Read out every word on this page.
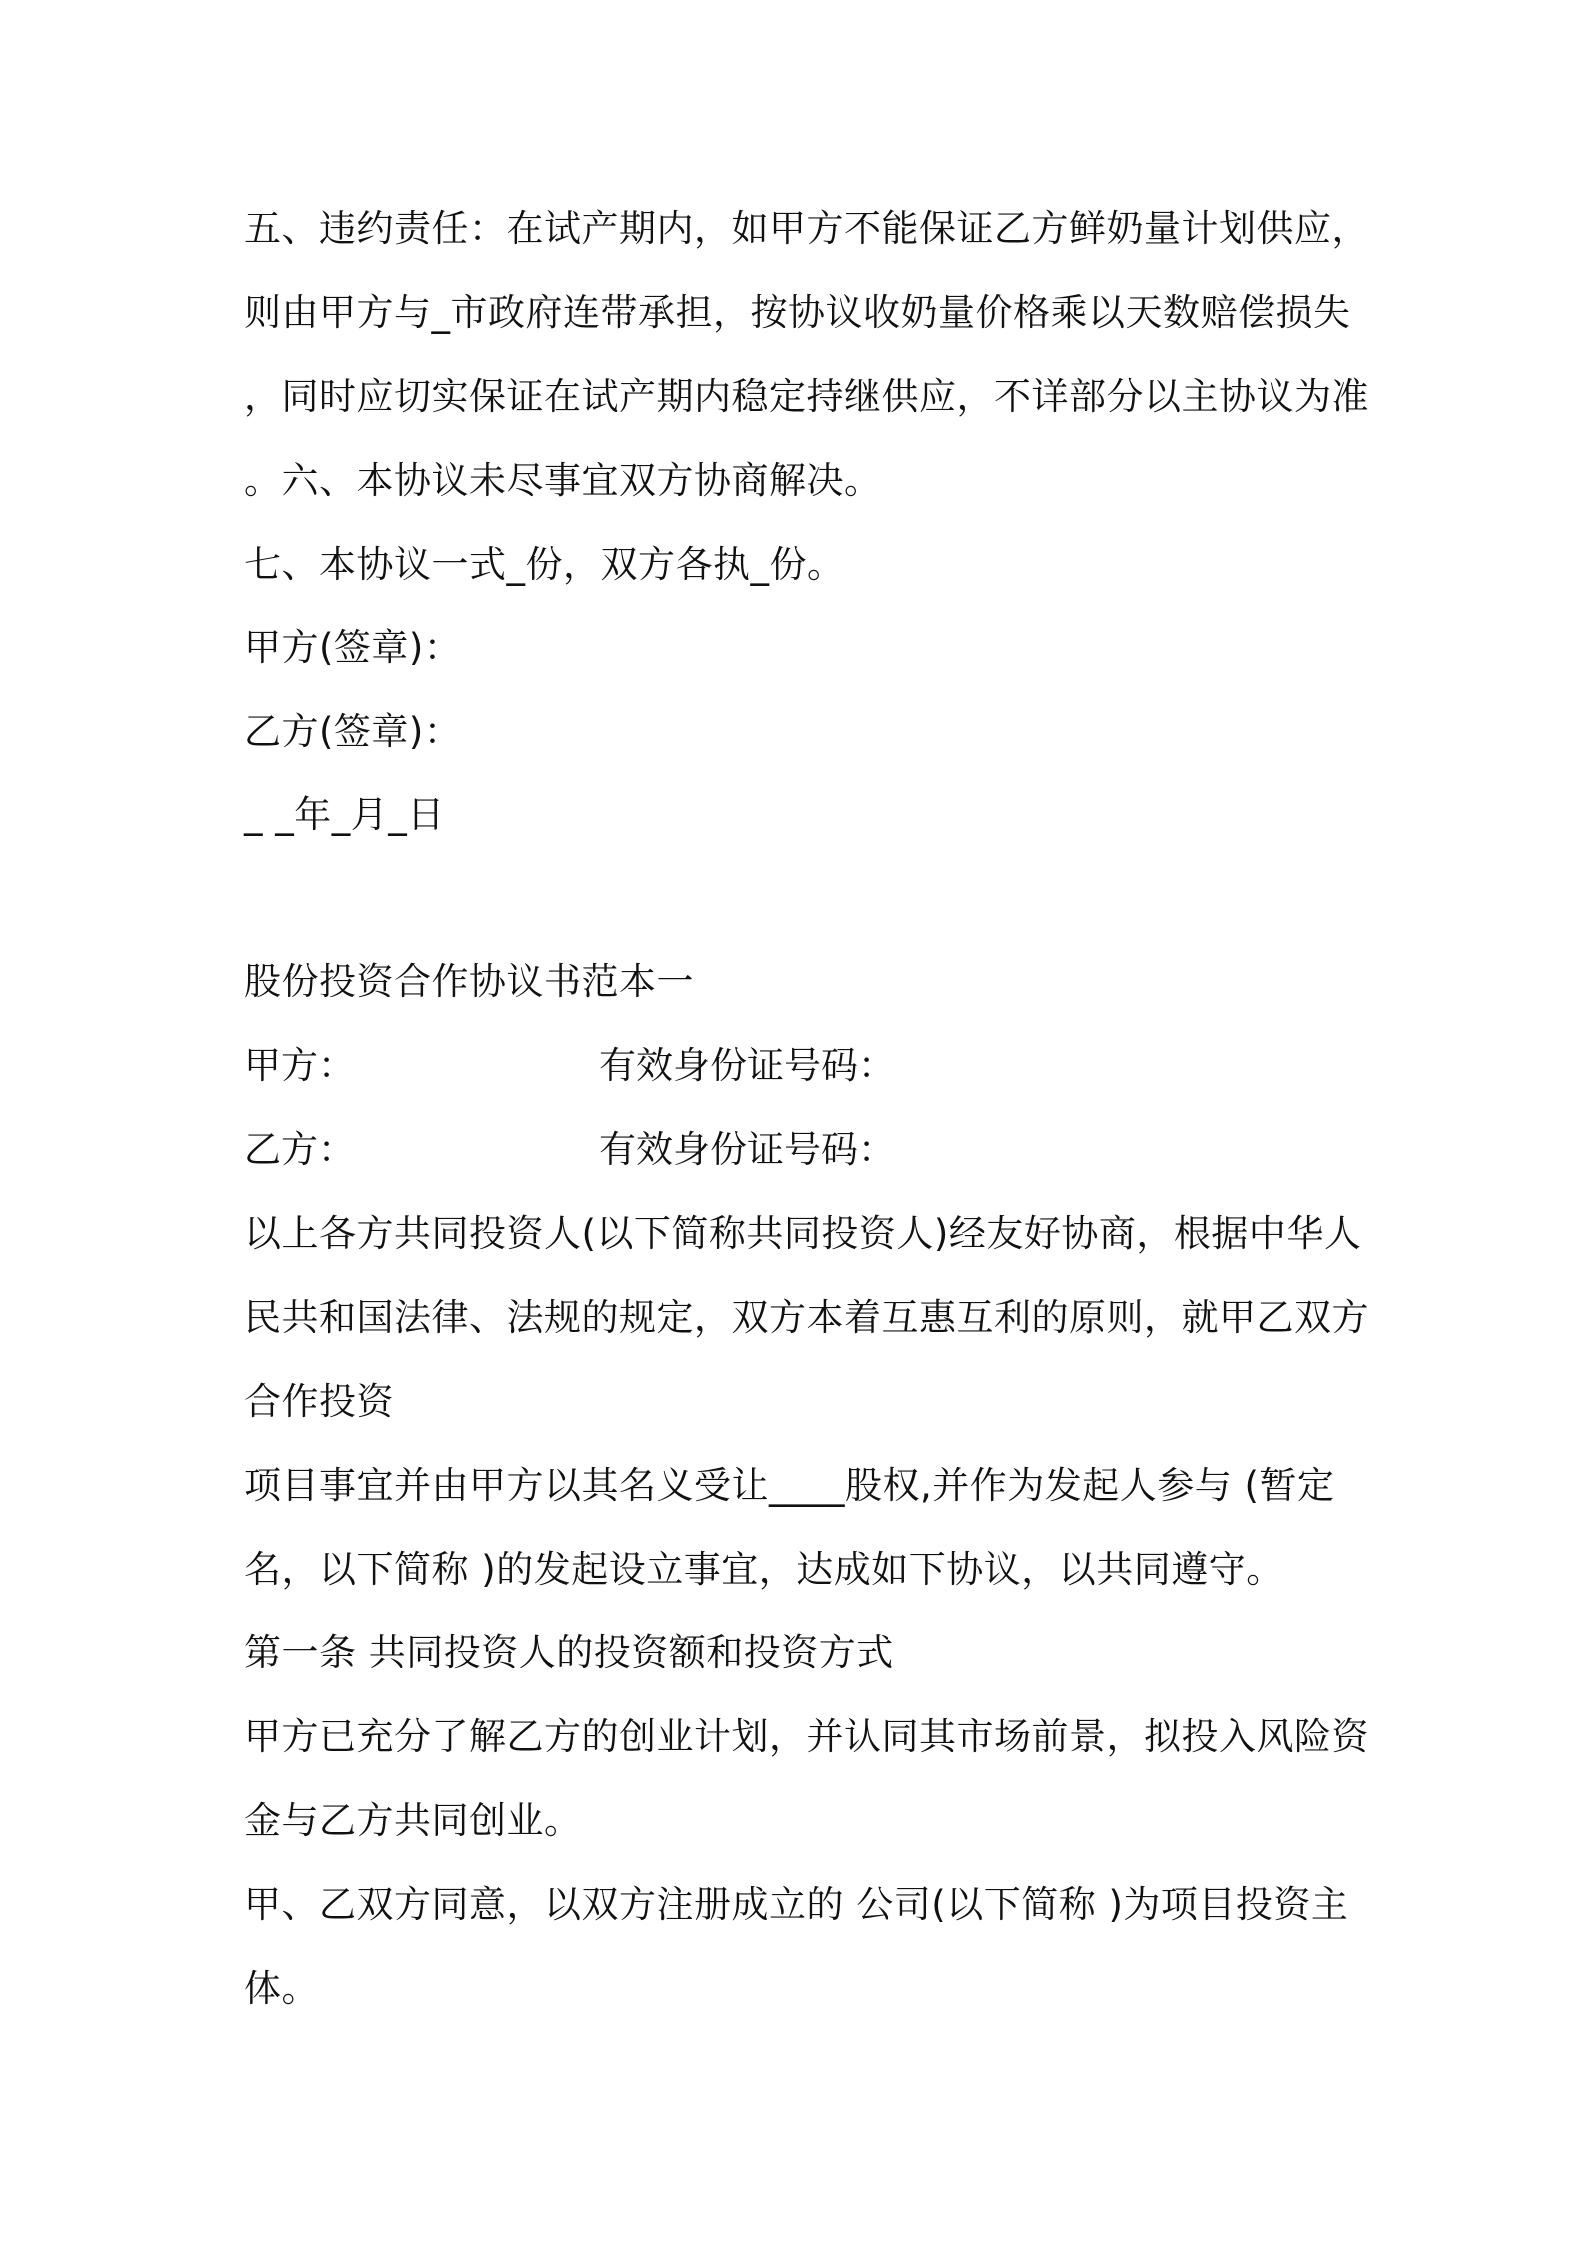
五、违约责任：在试产期内，如甲方不能保证乙方鲜奶量计划供应，
则由甲方与_市政府连带承担，按协议收奶量价格乘以天数赔偿损失
，同时应切实保证在试产期内稳定持继供应，不详部分以主协议为准
。六、本协议未尽事宜双方协商解决。
七、本协议一式_份，双方各执_份。
甲方(签章)：
乙方(签章)：
_ _年_月_日
股份投资合作协议书范本一
甲方：	有效身份证号码：
乙方：	有效身份证号码：
以上各方共同投资人(以下简称共同投资人)经友好协商，根据中华人
民共和国法律、法规的规定，双方本着互惠互利的原则，就甲乙双方
合作投资
项目事宜并由甲方以其名义受让____股权,并作为发起人参与 (暂定
名，以下简称 )的发起设立事宜，达成如下协议，以共同遵守。
第一条 共同投资人的投资额和投资方式
甲方已充分了解乙方的创业计划，并认同其市场前景，拟投入风险资
金与乙方共同创业。
甲、乙双方同意，以双方注册成立的 公司(以下简称 )为项目投资主
体。
